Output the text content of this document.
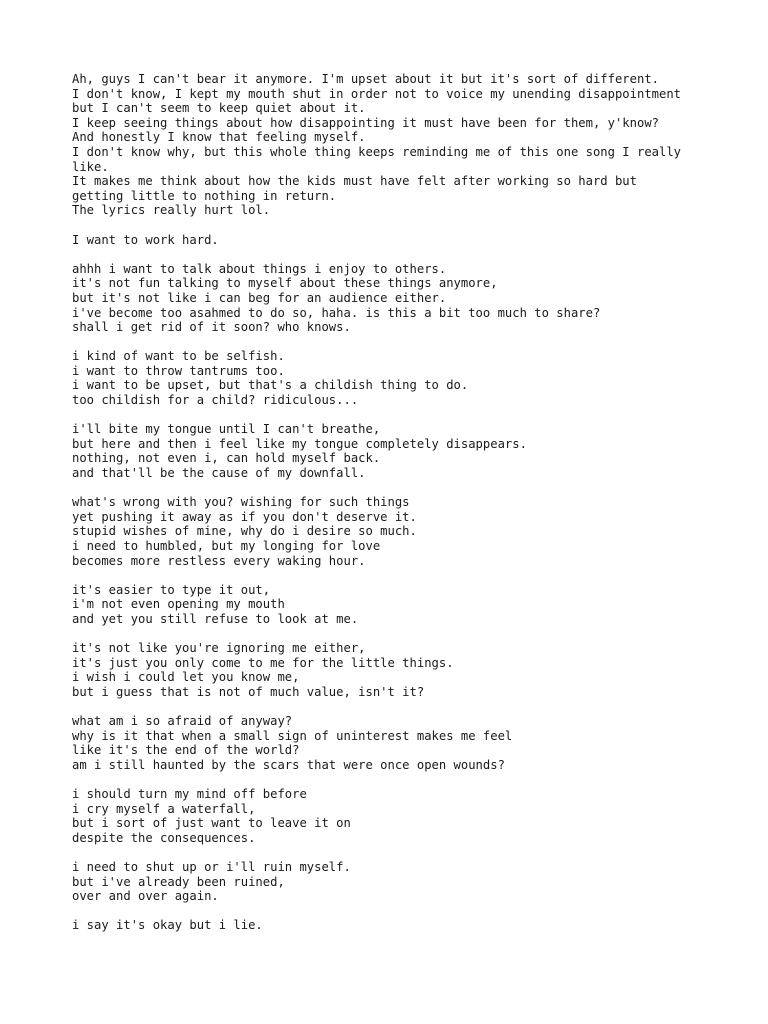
Ah, guys I can't bear it anymore. I'm upset about it but it's sort of different.
I don't know, I kept my mouth shut in order not to voice my unending disappointment
but I can't seem to keep quiet about it.
I keep seeing things about how disappointing it must have been for them, y'know?
And honestly I know that feeling myself.
I don't know why, but this whole thing keeps reminding me of this one song I really
like.
It makes me think about how the kids must have felt after working so hard but
getting little to nothing in return.
The lyrics really hurt lol.
I want to work hard.
ahhh i want to talk about things i enjoy to others.
it's not fun talking to myself about these things anymore,
but it's not like i can beg for an audience either.
i've become too asahmed to do so, haha. is this a bit too much to share?
shall i get rid of it soon? who knows.
i kind of want to be selfish.
i want to throw tantrums too.
i want to be upset, but that's a childish thing to do.
too childish for a child? ridiculous...
i'll bite my tongue until I can't breathe,
but here and then i feel like my tongue completely disappears.
nothing, not even i, can hold myself back.
and that'll be the cause of my downfall.
what's wrong with you? wishing for such things
yet pushing it away as if you don't deserve it.
stupid wishes of mine, why do i desire so much.
i need to humbled, but my longing for love
becomes more restless every waking hour.
it's easier to type it out,
i'm not even opening my mouth
and yet you still refuse to look at me.
it's not like you're ignoring me either,
it's just you only come to me for the little things.
i wish i could let you know me,
but i guess that is not of much value, isn't it?
what am i so afraid of anyway?
why is it that when a small sign of uninterest makes me feel
like it's the end of the world?
am i still haunted by the scars that were once open wounds?
i should turn my mind off before
i cry myself a waterfall,
but i sort of just want to leave it on
despite the consequences.
i need to shut up or i'll ruin myself.
but i've already been ruined,
over and over again.
i say it's okay but i lie.
